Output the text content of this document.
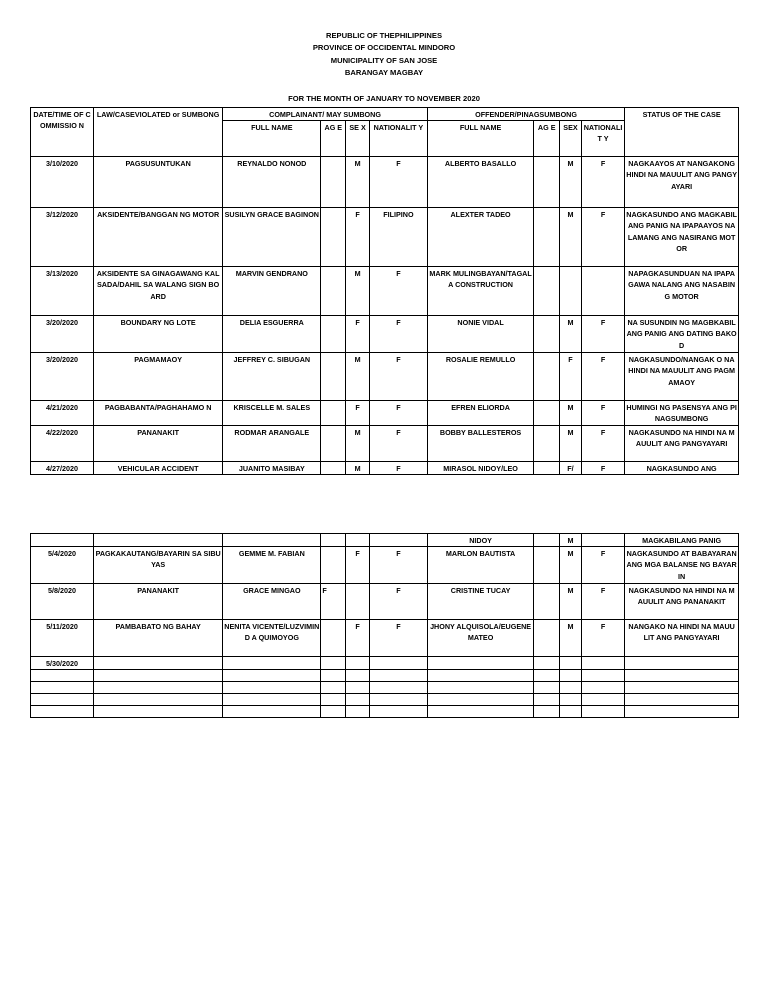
REPUBLIC OF THEPHILIPPINES
PROVINCE OF OCCIDENTAL MINDORO
MUNICIPALITY OF SAN JOSE
BARANGAY MAGBAY
FOR THE MONTH OF JANUARY TO NOVEMBER 2020
DATE/TIME OF COMMISSIO N	LAW/CASEVIOLATED or SUMBONG	COMPLAINANT/ MAY SUMBONG				OFFENDER/PINAGSUMBONG				STATUS OF THE CASE
		FULL NAME	AG E	SE X	NATIONALIT Y	FULL NAME	AG E	SEX	NATIONALIT Y	
3/10/2020	PAGSUSUNTUKAN	REYNALDO NONOD		M	F	ALBERTO BASALLO		M	F	NAGKAAYOS AT NANGAKONG HINDI NA MAUULIT ANG PANGYAYARI
3/12/2020	AKSIDENTE/BANGGAN NG MOTOR	SUSILYN GRACE BAGINON		F	FILIPINO	ALEXTER TADEO		M	F	NAGKASUNDO ANG MAGKABILANG PANIG NA IPAPAAYOS NA LAMANG ANG NASIRANG MOTOR
3/13/2020	AKSIDENTE SA GINAGAWANG KALSADA/DAHIL SA WALANG SIGN BOARD	MARVIN GENDRANO		M	F	MARK MULINGBAYAN/TAGAL A CONSTRUCTION				NAPAGKASUNDUAN NA IPAPAGAWA NALANG ANG NASABING MOTOR
3/20/2020	BOUNDARY NG LOTE	DELIA ESGUERRA		F	F	NONIE VIDAL		M	F	NA SUSUNDIN NG MAGBKABILANG PANIG ANG DATING BAKOD
3/20/2020	PAGMAMAOY	JEFFREY C. SIBUGAN		M	F	ROSALIE REMULLO		F	F	NAGKASUNDO/NANGAK O NA HINDI NA MAUULIT ANG PAGMAMAOY
4/21/2020	PAGBABANTA/PAGHAHAMO N	KRISCELLE M. SALES		F	F	EFREN ELIORDA		M	F	HUMINGI NG PASENSYA ANG PINAGSUMBONG
4/22/2020	PANANAKIT	RODMAR ARANGALE		M	F	BOBBY BALLESTEROS		M	F	NAGKASUNDO NA HINDI NA MAUULIT ANG PANGYAYARI
4/27/2020	VEHICULAR ACCIDENT	JUANITO MASIBAY		M	F	MIRASOL NIDOY/LEO		F/	F	NAGKASUNDO ANG
						NIDOY		M		MAGKABILANG PANIG
5/4/2020	PAGKAKAUTANG/BAYARIN SA SIBUYAS	GEMME M. FABIAN		F	F	MARLON BAUTISTA		M	F	NAGKASUNDO AT BABAYARAN ANG MGA BALANSE NG BAYARIN
5/8/2020	PANANAKIT	GRACE MINGAO	F		F	CRISTINE TUCAY		M	F	NAGKASUNDO NA HINDI NA MAUULIT ANG PANANAKIT
5/11/2020	PAMBABATO NG BAHAY	NENITA VICENTE/LUZVIMIND A QUIMOYOG		F	F	JHONY ALQUISOLA/EUGENE MATEO		M	F	NANGAKO NA HINDI NA MAUULIT ANG PANGYAYARI
5/30/2020										
